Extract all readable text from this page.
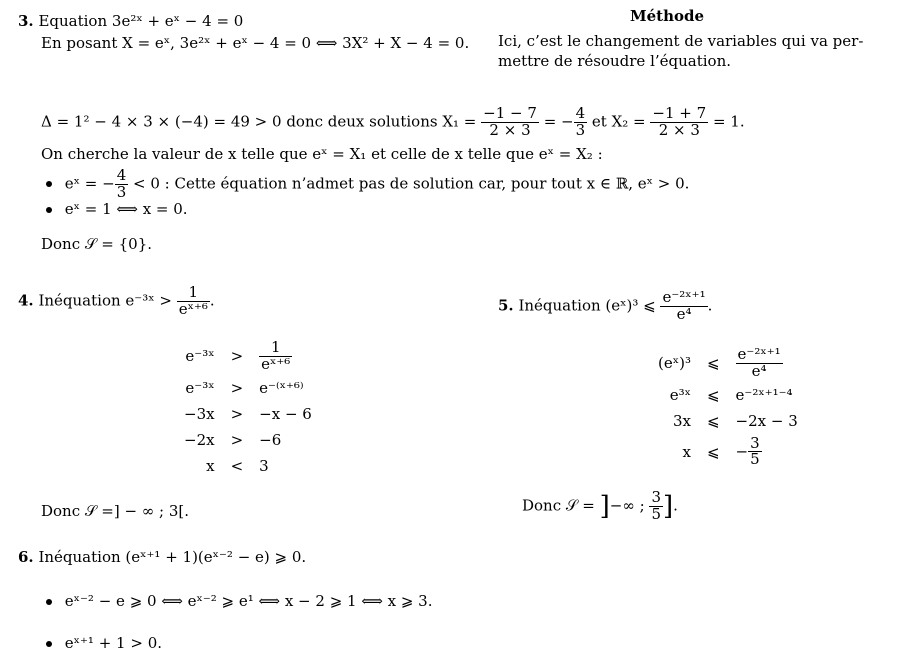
3. Equation 3e²ˣ + eˣ − 4 = 0
En posant X = eˣ, 3e²ˣ + eˣ − 4 = 0 ⟺ 3X² + X − 4 = 0.
Méthode
Ici, c’est le changement de variables qui va per-
mettre de résoudre l’équation.
Δ = 1² − 4 × 3 × (−4) = 49 > 0 donc deux solutions $X_1 = \frac{-1 - 7}{2 \times 3}$ = − $\frac{4}{3}$ et $X_2 = \frac{-1 + 7}{2 \times 3} = 1$.
On cherche la valeur de x telle que eˣ = X₁ et celle de x telle que eˣ = X₂ :
eˣ = − $\frac{4}{3} < 0$ : Cette équation n’admet pas de solution car, pour tout x ∈ ℝ, eˣ > 0.
eˣ = 1 ⟺ x = 0.
Donc 𝒮 = {0}.
4. Inéquation e⁻³ˣ > $\frac{1}{\text{eˣ⁺⁶}}$ .
e⁻³ˣ	>	$\frac{1}{\text{eˣ⁺⁶}}$

e⁻³ˣ	>	e⁻⁽ˣ⁺⁶⁾
−3x	>	−x − 6
−2x	>	−6
x	<	3
Donc 𝒮 =] − ∞ ; 3[.
5. Inéquation (eˣ)³ ⩽ $\frac{\text{e⁻²ˣ⁺¹}}{\text{e⁴}}$ .
(eˣ)³	⩽	$\frac{\text{e⁻²ˣ⁺¹}}{\text{e⁴}}$

e³ˣ	⩽	e⁻²ˣ⁺¹⁻⁴
3x	⩽	−2x − 3
x	⩽	− $\frac{3}{5}$
Donc 𝒮 = ]−∞ ; $\frac{3}{5}$ ].
6. Inéquation (eˣ⁺¹ + 1)(eˣ⁻² − e) ⩾ 0.
eˣ⁻² − e ⩾ 0 ⟺ eˣ⁻² ⩾ e¹ ⟺ x − 2 ⩾ 1 ⟺ x ⩾ 3.
eˣ⁺¹ + 1 > 0.
